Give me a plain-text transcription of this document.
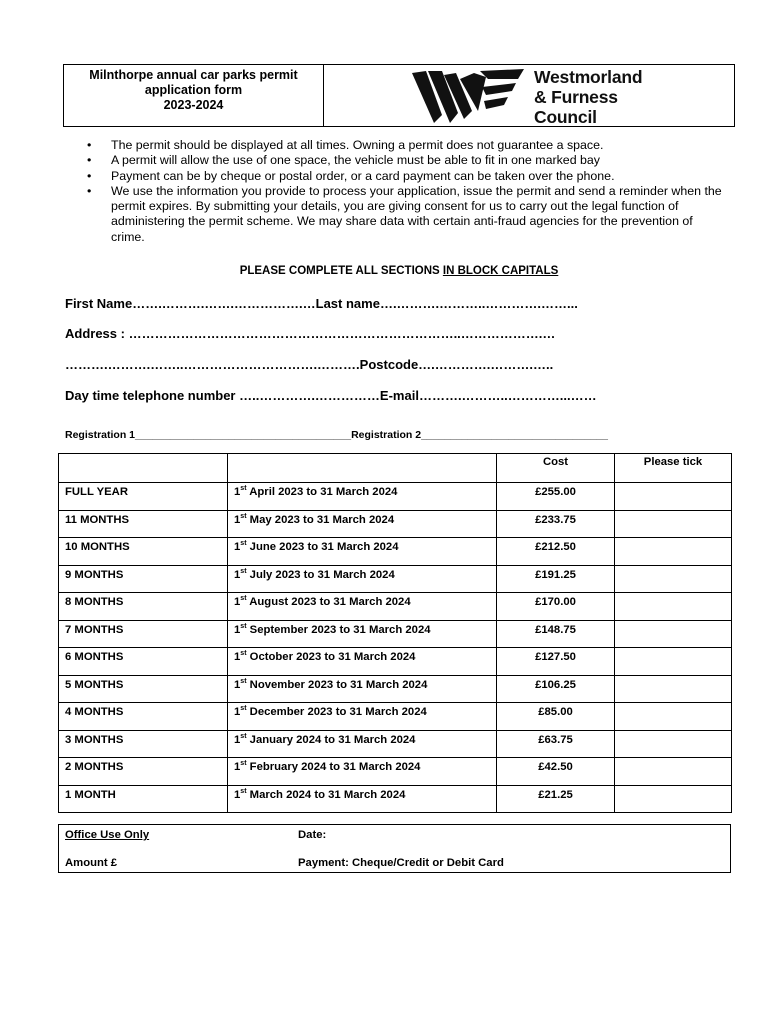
Milnthorpe annual car parks permit
application form
2023-2024
Westmorland
& Furness
Council
• The permit should be displayed at all times. Owning a permit does not guarantee a space.
• A permit will allow the use of one space, the vehicle must be able to fit in one marked bay
• Payment can be by cheque or postal order, or a card payment can be taken over the phone.
• We use the information you provide to process your application, issue the permit and send a reminder when the permit expires. By submitting your details, you are giving consent for us to carry out the legal function of administering the permit scheme. We may share data with certain anti-fraud agencies for the prevention of crime.
PLEASE COMPLETE ALL SECTIONS IN BLOCK CAPITALS
First Name…….……….…….…………….…Last name….……….………..………….……...
Address : …………………………………………………………………..……………….…
……….……….……..………………………….……….Postcode….………….……….…..
Day time telephone number …..………….……………E-mail……….………..…………...……
Registration 1_____________________________________Registration 2________________________________
		Cost	Please tick
FULL YEAR	1st April 2023 to 31 March 2024	£255.00	
11 MONTHS	1st May 2023 to 31 March 2024	£233.75	
10 MONTHS	1st June 2023 to 31 March 2024	£212.50	
9 MONTHS	1st July 2023 to 31 March 2024	£191.25	
8 MONTHS	1st August 2023 to 31 March 2024	£170.00	
7 MONTHS	1st September 2023 to 31 March 2024	£148.75	
6 MONTHS	1st October 2023 to 31 March 2024	£127.50	
5 MONTHS	1st November 2023 to 31 March 2024	£106.25	
4 MONTHS	1st December 2023 to 31 March 2024	£85.00	
3 MONTHS	1st January 2024 to 31 March 2024	£63.75	
2 MONTHS	1st February 2024 to 31 March 2024	£42.50	
1 MONTH	1st March 2024 to 31 March 2024	£21.25	
Office Use Only	Date:
Amount £	Payment: Cheque/Credit or Debit Card
